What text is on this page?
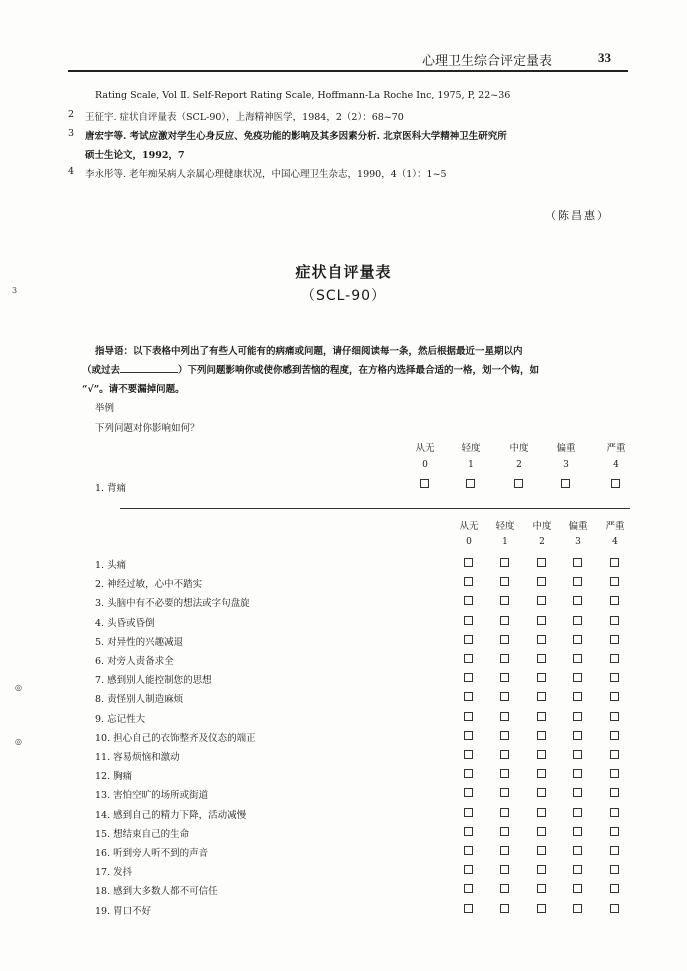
心理卫生综合评定量表	33
Rating Scale, Vol Ⅱ. Self-Report Rating Scale, Hoffmann-La Roche Inc, 1975, P, 22~36
2 王征宇. 症状自评量表（SCL-90），上海精神医学，1984，2（2）：68~70
3 唐宏宇等. 考试应激对学生心身反应、免疫功能的影响及其多因素分析. 北京医科大学精神卫生研究所
硕士生论文，1992，7
4 李永彤等. 老年痴呆病人亲属心理健康状况，中国心理卫生杂志，1990，4（1）：1~5
（陈昌惠）
症状自评量表
（SCL-90）
指导语：以下表格中列出了有些人可能有的病痛或问题，请仔细阅读每一条，然后根据最近一星期以内
（或过去	）下列问题影响你或使你感到苦恼的程度，在方格内选择最合适的一格，划一个钩，如
“√”。请不要漏掉问题。
举例
下列问题对你影响如何？
从无
0
轻度
1
中度
2
偏重
3
严重
4
1. 背痛
从无
0
轻度
1
中度
2
偏重
3
严重
4
1. 头痛
2. 神经过敏，心中不踏实
3. 头脑中有不必要的想法或字句盘旋
4. 头昏或昏倒
5. 对异性的兴趣减退
6. 对旁人责备求全
7. 感到别人能控制您的思想
8. 责怪别人制造麻烦
9. 忘记性大
10. 担心自己的衣饰整齐及仪态的端正
11. 容易烦恼和激动
12. 胸痛
13. 害怕空旷的场所或街道
14. 感到自己的精力下降，活动减慢
15. 想结束自己的生命
16. 听到旁人听不到的声音
17. 发抖
18. 感到大多数人都不可信任
19. 胃口不好
3
◎
◎
